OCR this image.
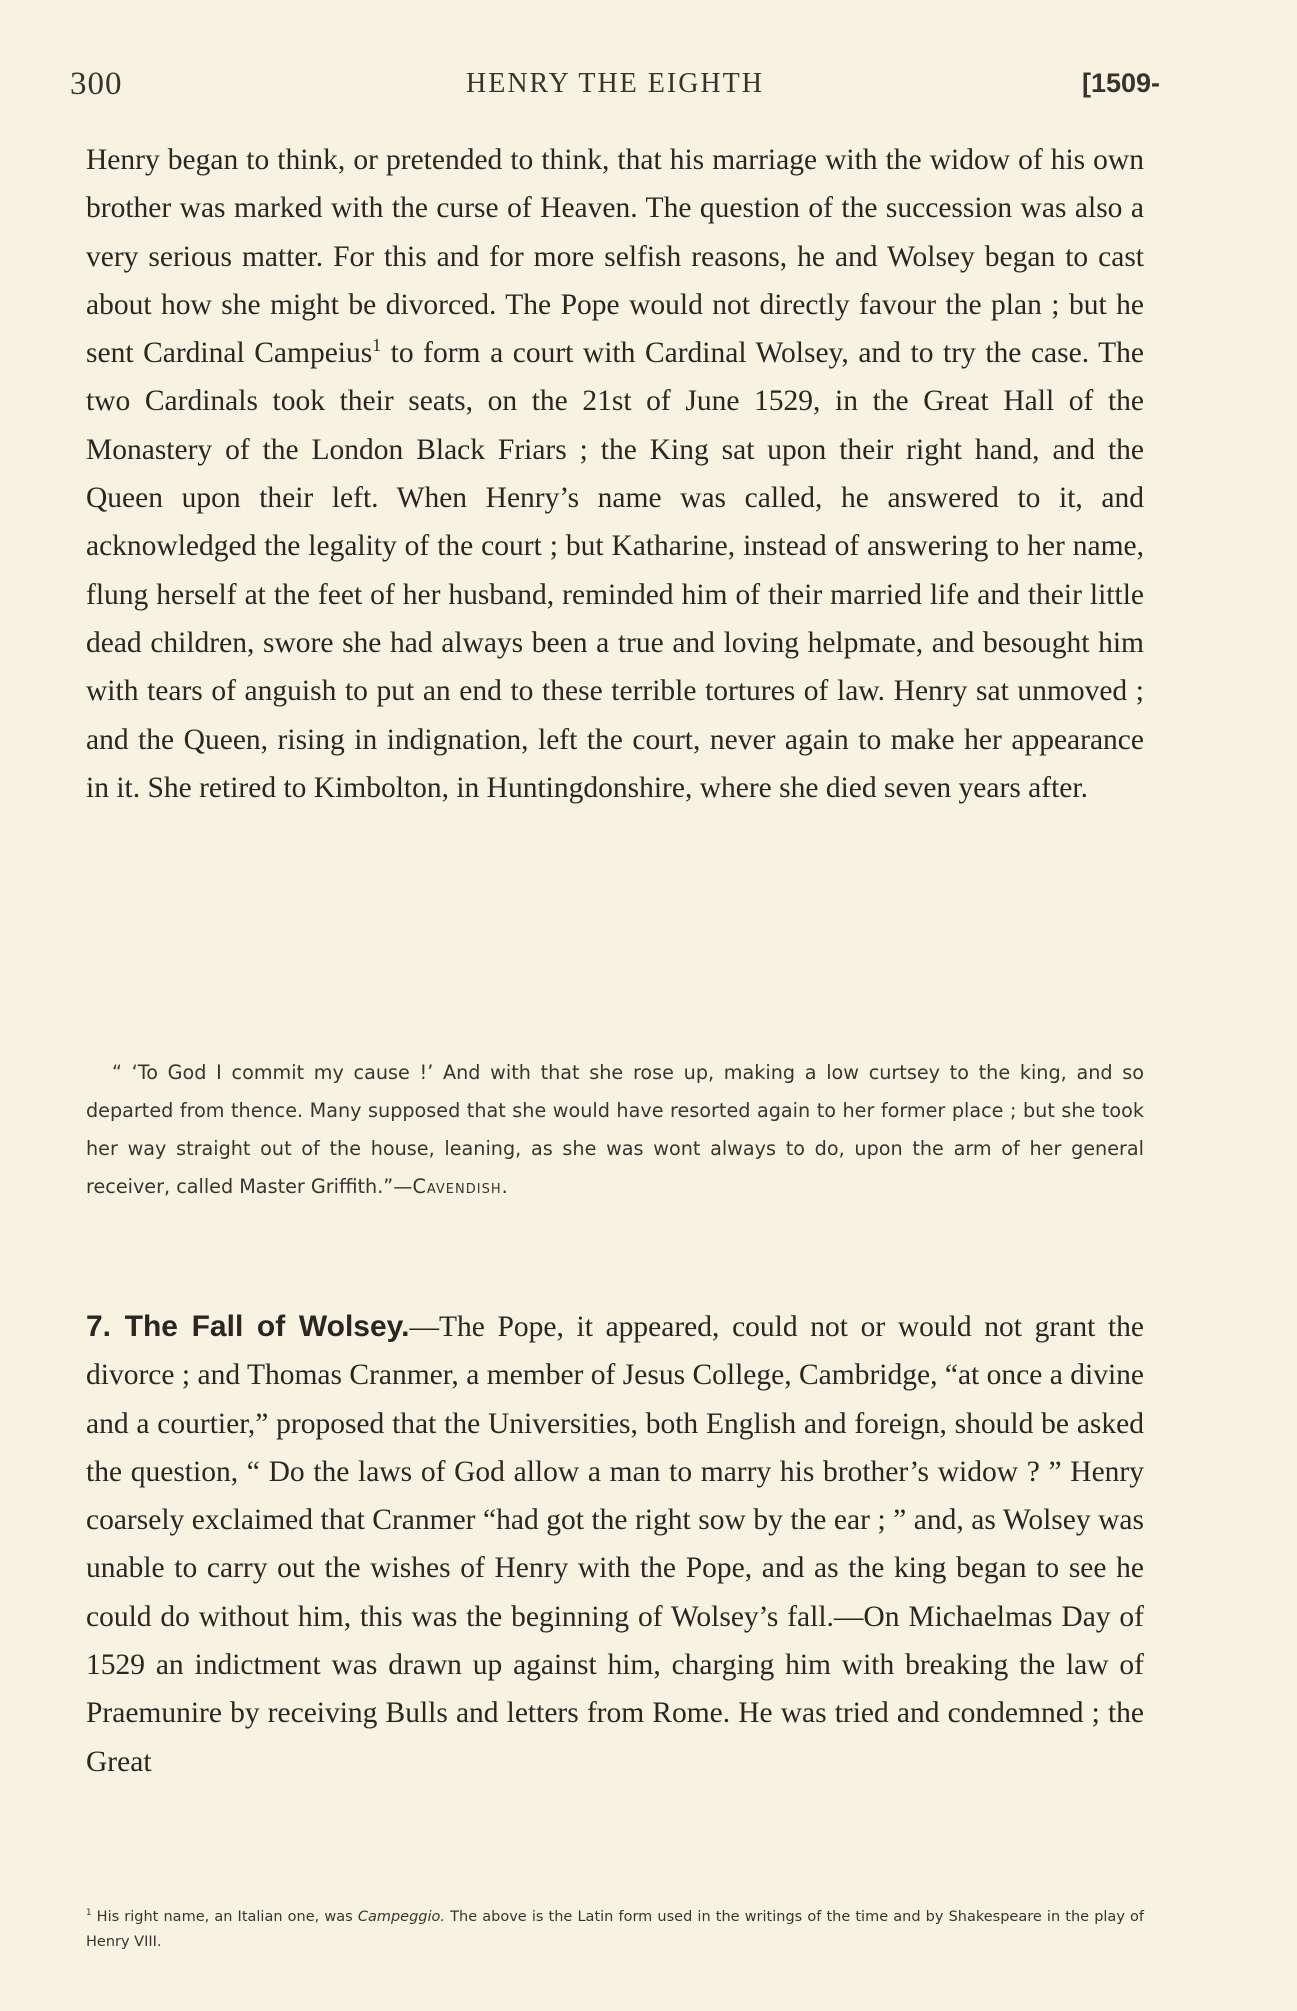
300	HENRY THE EIGHTH	[1509-

Henry began to think, or pretended to think, that his marriage with the widow of his own brother was marked with the curse of Heaven. The question of the succession was also a very serious matter. For this and for more selfish reasons, he and Wolsey began to cast about how she might be divorced. The Pope would not directly favour the plan ; but he sent Cardinal Campeius$^1$ to form a court with Cardinal Wolsey, and to try the case. The two Cardinals took their seats, on the 21st of June 1529, in the Great Hall of the Monastery of the London Black Friars ; the King sat upon their right hand, and the Queen upon their left. When Henry’s name was called, he answered to it, and acknowledged the legality of the court ; but Katharine, instead of answering to her name, flung herself at the feet of her husband, reminded him of their married life and their little dead children, swore she had always been a true and loving helpmate, and besought him with tears of anguish to put an end to these terrible tortures of law. Henry sat unmoved ; and the Queen, rising in indignation, left the court, never again to make her appearance in it. She retired to Kimbolton, in Huntingdonshire, where she died seven years after.

“ ‘To God I commit my cause !’ And with that she rose up, making a low curtsey to the king, and so departed from thence. Many supposed that she would have resorted again to her former place ; but she took her way straight out of the house, leaning, as she was wont always to do, upon the arm of her general receiver, called Master Griffith.”—Cavendish.

7. The Fall of Wolsey.—The Pope, it appeared, could not or would not grant the divorce ; and Thomas Cranmer, a member of Jesus College, Cambridge, “at once a divine and a courtier,” proposed that the Universities, both English and foreign, should be asked the question, “ Do the laws of God allow a man to marry his brother’s widow ? ” Henry coarsely exclaimed that Cranmer “had got the right sow by the ear ; ” and, as Wolsey was unable to carry out the wishes of Henry with the Pope, and as the king began to see he could do without him, this was the beginning of Wolsey’s fall.—On Michaelmas Day of 1529 an indictment was drawn up against him, charging him with breaking the law of Praemunire by receiving Bulls and letters from Rome. He was tried and condemned ; the Great

$^1$ His right name, an Italian one, was Campeggio. The above is the Latin form used in the writings of the time and by Shakespeare in the play of Henry VIII.
